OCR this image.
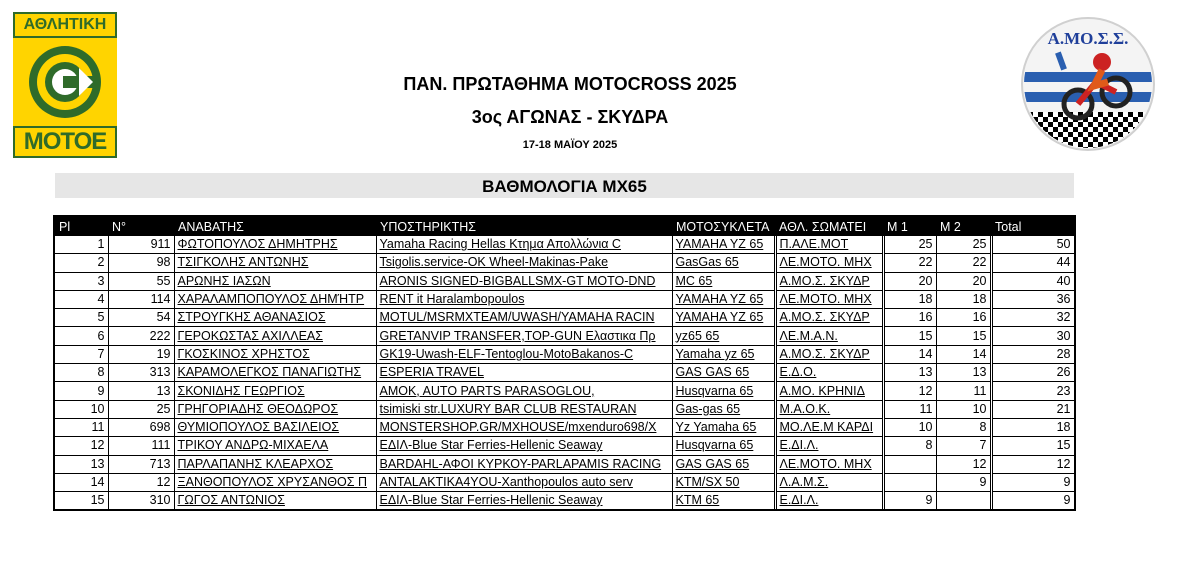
ΑΘΛΗΤΙΚΗ
MOTOE
Α.ΜΟ.Σ.Σ.
ΠΑΝ. ΠΡΩΤΑΘΗΜΑ MOTOCROSS 2025
3ος ΑΓΩΝΑΣ - ΣΚΥΔΡΑ
17-18 ΜΑΪΟΥ 2025
ΒΑΘΜΟΛΟΓΙΑ ΜΧ65
Pl	N°	ΑΝΑΒΑΤΗΣ	ΥΠΟΣΤΗΡΙΚΤΗΣ	ΜΟΤΟΣΥΚΛΕΤΑ	ΑΘΛ. ΣΩΜΑΤΕΙ	Μ 1	Μ 2	Total
1	911	ΦΩΤΟΠΟΥΛΟΣ ΔΗΜΗΤΡΗΣ	Yamaha Racing Hellas Κτημα Απολλώνια C	YAMAHA YZ 65	Π.ΑΛΕ.ΜΟΤ	25	25	50
2	98	ΤΣΙΓΚΟΛΗΣ ΑΝΤΩΝΗΣ	Tsigolis.service-OK Wheel-Makinas-Pake	GasGas 65	ΛΕ.ΜΟΤΟ. ΜΗΧ	22	22	44
3	55	ΑΡΩΝΗΣ ΙΑΣΩΝ	ARONIS SIGNED-BIGBALLSMX-GT MOTO-DND	MC 65	Α.ΜΟ.Σ. ΣΚΥΔΡ	20	20	40
4	114	ΧΑΡΑΛΑΜΠΟΠΟΥΛΟΣ ΔΗΜΉΤΡ	RENT it Haralambopoulos	YAMAHA YZ 65	ΛΕ.ΜΟΤΟ. ΜΗΧ	18	18	36
5	54	ΣΤΡΟΥΓΚΗΣ ΑΘΑΝΑΣΙΟΣ	MOTUL/MSRMXTEAM/UWASH/YAMAHA RACIN	YAMAHA YZ 65	Α.ΜΟ.Σ. ΣΚΥΔΡ	16	16	32
6	222	ΓΕΡΟΚΩΣΤΑΣ ΑΧΙΛΛΕΑΣ	GRETANVIP TRANSFER,TOP-GUN Ελαστικα Πρ	yz65 65	ΛΕ.Μ.Α.Ν.	15	15	30
7	19	ΓΚΟΣΚΙΝΟΣ ΧΡΗΣΤΟΣ	GK19-Uwash-ELF-Tentoglou-MotoBakanos-C	Yamaha yz 65	Α.ΜΟ.Σ. ΣΚΥΔΡ	14	14	28
8	313	ΚΑΡΑΜΟΛΕΓΚΟΣ ΠΑΝΑΓΙΩΤΗΣ	ESPERIA TRAVEL	GAS GAS 65	Ε.Δ.Ο.	13	13	26
9	13	ΣΚΟΝΙΔΗΣ ΓΕΩΡΓΙΟΣ	AMOK, AUTO PARTS PARASOGLOU,	Husqvarna 65	Α.ΜΟ. ΚΡΗΝΙΔ	12	11	23
10	25	ΓΡΗΓΟΡΙΑΔΗΣ ΘΕΟΔΩΡΟΣ	tsimiski str.LUXURY BAR CLUB RESTAURAN	Gas-gas 65	Μ.Α.Ο.Κ.	11	10	21
11	698	ΘΥΜΙΟΠΟΥΛΟΣ ΒΑΣΙΛΕΙΟΣ	MONSTERSHOP.GR/MXHOUSE/mxenduro698/X	Yz Yamaha 65	ΜΟ.ΛΕ.Μ ΚΑΡΔΙ	10	8	18
12	111	ΤΡΙΚΟΥ ΑΝΔΡΩ-ΜΙΧΑΕΛΑ	ΕΔΙΛ-Blue Star Ferries-Hellenic Seaway	Husqvarna 65	Ε.ΔΙ.Λ.	8	7	15
13	713	ΠΑΡΛΑΠΑΝΗΣ ΚΛΕΑΡΧΟΣ	BARDAHL-ΑΦΟΙ ΚΥΡΚΟΥ-PARLAPAMIS RACING	GAS GAS 65	ΛΕ.ΜΟΤΟ. ΜΗΧ		12	12
14	12	ΞΑΝΘΟΠΟΥΛΟΣ ΧΡΥΣΑΝΘΟΣ Π	ANTALAKTIKA4YOU-Xanthopoulos auto serv	KTM/SX 50	Λ.Α.Μ.Σ.		9	9
15	310	ΓΩΓΟΣ ΑΝΤΩΝΙΟΣ	ΕΔΙΛ-Blue Star Ferries-Hellenic Seaway	KTM 65	Ε.ΔΙ.Λ.	9		9
